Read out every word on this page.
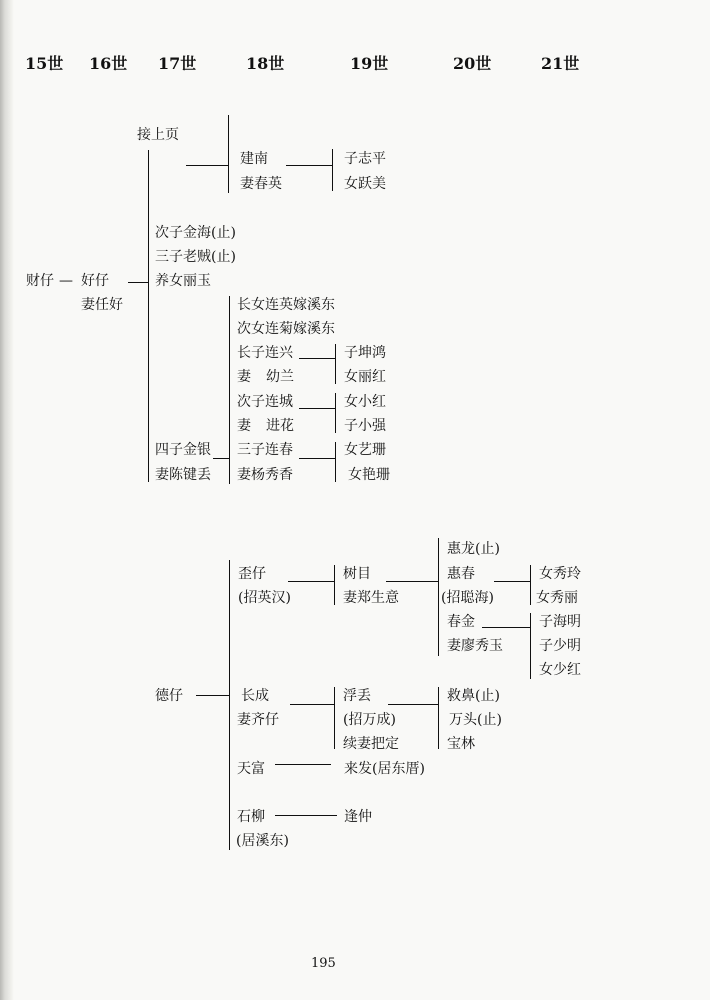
15世 16世 17世	18世	19世	20世	21世
接上页
建南
妻春英
子志平
女跃美
财仔 — 好仔
妻任好
次子金海(止)
三子老贼(止)
养女丽玉
长女连英嫁溪东
次女连菊嫁溪东
长子连兴
妻 幼兰
子坤鸿
女丽红
次子连城
妻 进花
女小红
子小强
四子金银
妻陈键丢
三子连春
妻杨秀香
女艺珊
女艳珊
德仔
歪仔
(招英汉)
树目
妻郑生意
惠龙(止)
惠春
(招聪海)
女秀玲
女秀丽
春金
妻廖秀玉
子海明
子少明
女少红
长成
妻齐仔
浮丢
(招万成)
续妻把定
救鼻(止)
万头(止)
宝林
天富	来发(居东厝)
石柳
(居溪东)
逢仲
195
